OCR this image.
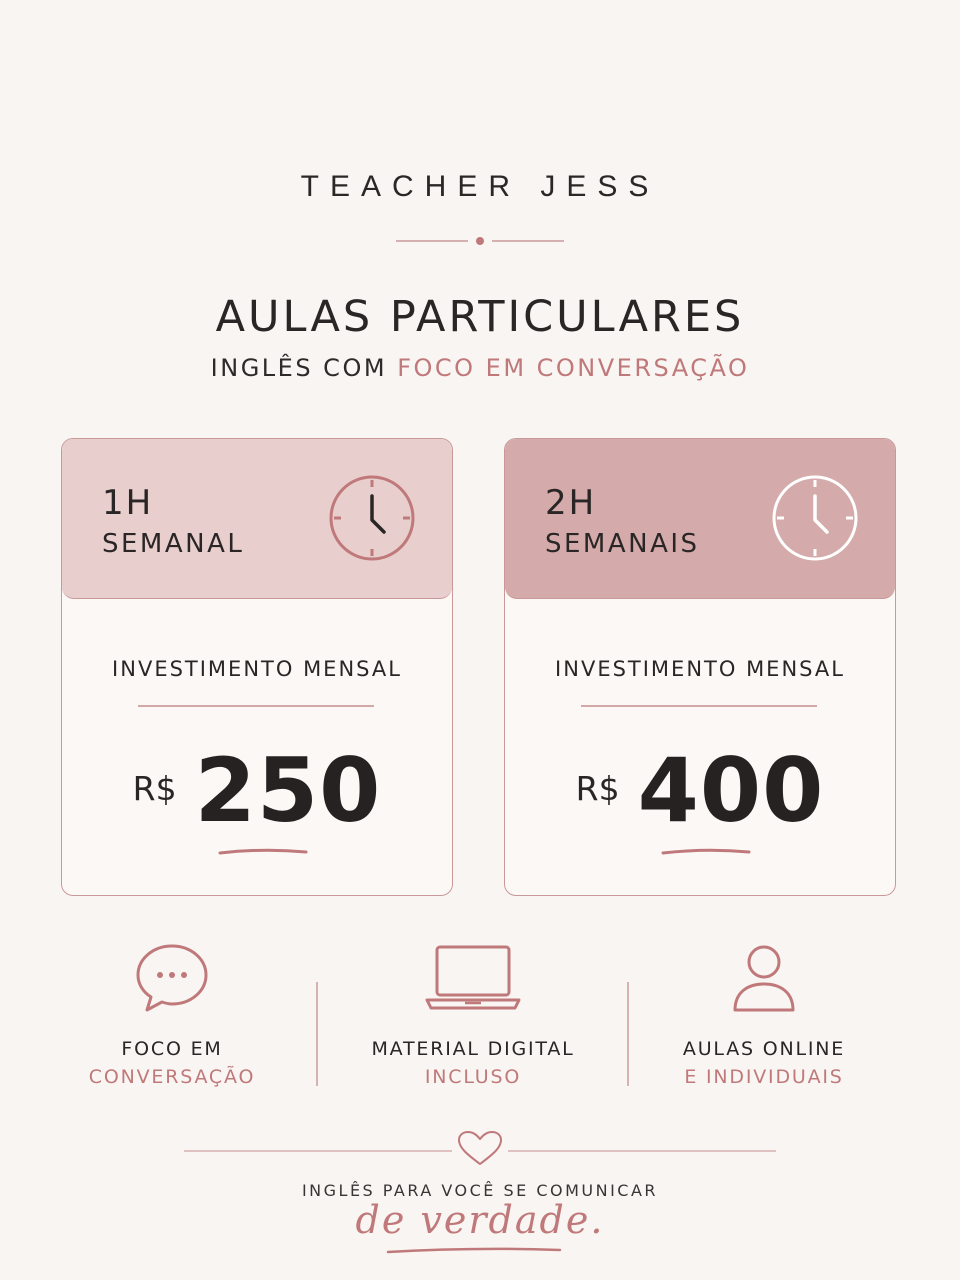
TEACHER JESS
AULAS PARTICULARES
INGLÊS COM FOCO EM CONVERSAÇÃO
1H
SEMANAL
INVESTIMENTO MENSAL
R$ 250
2H
SEMANAIS
INVESTIMENTO MENSAL
R$ 400
FOCO EM
CONVERSAÇÃO
MATERIAL DIGITAL
INCLUSO
AULAS ONLINE
E INDIVIDUAIS
INGLÊS PARA VOCÊ SE COMUNICAR
de verdade.
